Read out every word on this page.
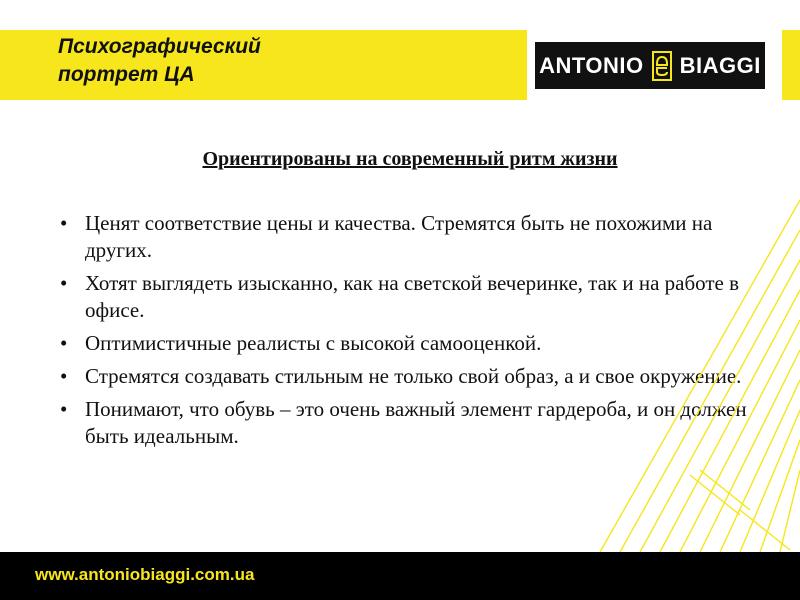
Психографический
портрет ЦА	ANTONIO BIAGGI
Ориентированы на современный ритм жизни
• Ценят соответствие цены и качества. Стремятся быть не похожими на других.
• Хотят выглядеть изысканно, как на светской вечеринке, так и на работе в офисе.
• Оптимистичные реалисты с высокой самооценкой.
• Стремятся создавать стильным не только свой образ, а и свое окружение.
• Понимают, что обувь – это очень важный элемент гардероба, и он должен быть идеальным.
www.antoniobiaggi.com.ua
